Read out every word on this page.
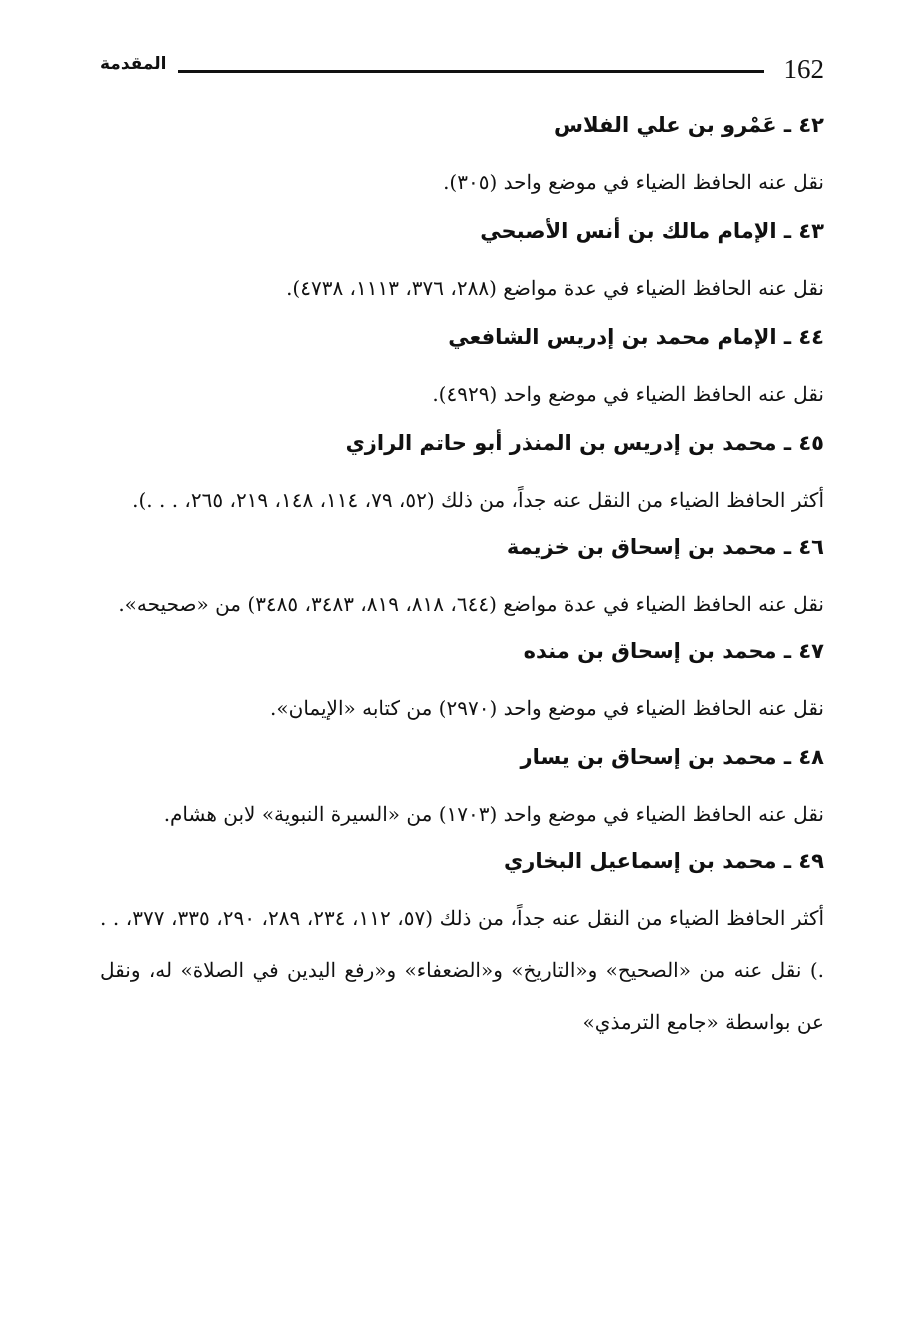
162
المقدمة
٤٢ ـ عَمْرو بن علي الفلاس

نقل عنه الحافظ الضياء في موضع واحد (٣٠٥).

٤٣ ـ الإمام مالك بن أنس الأصبحي

نقل عنه الحافظ الضياء في عدة مواضع (٢٨٨، ٣٧٦، ١١١٣، ٤٧٣٨).

٤٤ ـ الإمام محمد بن إدريس الشافعي

نقل عنه الحافظ الضياء في موضع واحد (٤٩٢٩).

٤٥ ـ محمد بن إدريس بن المنذر أبو حاتم الرازي

أكثر الحافظ الضياء من النقل عنه جداً، من ذلك (٥٢، ٧٩، ١١٤، ١٤٨، ٢١٩، ٢٦٥، . . .).

٤٦ ـ محمد بن إسحاق بن خزيمة

نقل عنه الحافظ الضياء في عدة مواضع (٦٤٤، ٨١٨، ٨١٩، ٣٤٨٣، ٣٤٨٥) من «صحيحه».

٤٧ ـ محمد بن إسحاق بن منده

نقل عنه الحافظ الضياء في موضع واحد (٢٩٧٠) من كتابه «الإيمان».

٤٨ ـ محمد بن إسحاق بن يسار

نقل عنه الحافظ الضياء في موضع واحد (١٧٠٣) من «السيرة النبوية» لابن هشام.

٤٩ ـ محمد بن إسماعيل البخاري

أكثر الحافظ الضياء من النقل عنه جداً، من ذلك (٥٧، ١١٢، ٢٣٤، ٢٨٩، ٢٩٠، ٣٣٥، ٣٧٧، . . .) نقل عنه من «الصحيح» و«التاريخ» و«الضعفاء» و«رفع اليدين في الصلاة» له، ونقل عن بواسطة «جامع الترمذي»
